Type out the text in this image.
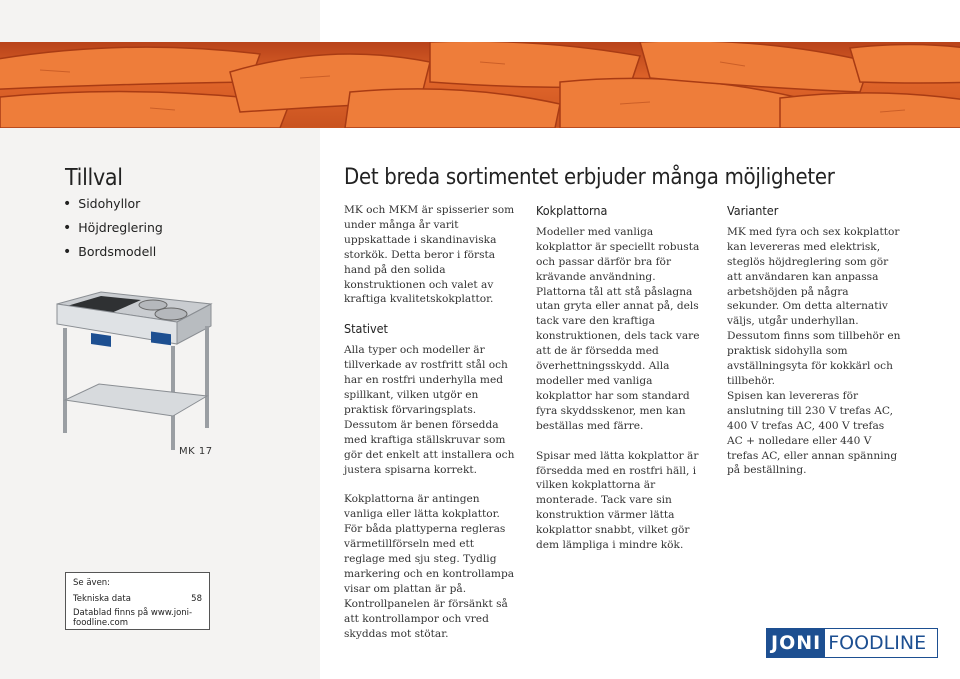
Tillval
• Sidohyllor
• Höjdreglering
• Bordsmodell
MK 17
Se även:
Tekniska data	58
Datablad finns på www.joni-foodline.com
Det breda sortimentet erbjuder många möjligheter

MK och MKM är spisserier som under många år varit uppskattade i skandinaviska storkök. Detta beror i första hand på den solida konstruktionen och valet av kraftiga kvalitetskokplattor.

Stativet

Alla typer och modeller är tillverkade av rostfritt stål och har en rostfri underhylla med spillkant, vilken utgör en praktisk förvaringsplats. Dessutom är benen försedda med kraftiga ställskruvar som gör det enkelt att installera och justera spisarna korrekt.

Kokplattorna är antingen vanliga eller lätta kokplattor. För båda plattyperna regleras värmetillförseln med ett reglage med sju steg. Tydlig markering och en kontrollampa visar om plattan är på. Kontrollpanelen är försänkt så att kontrollampor och vred skyddas mot stötar.

Kokplattorna

Modeller med vanliga kokplattor är speciellt robusta och passar därför bra för krävande användning. Plattorna tål att stå påslagna utan gryta eller annat på, dels tack vare den kraftiga konstruktionen, dels tack vare att de är försedda med överhettningsskydd. Alla modeller med vanliga kokplattor har som standard fyra skyddsskenor, men kan beställas med färre.

Spisar med lätta kokplattor är försedda med en rostfri häll, i vilken kokplattorna är monterade. Tack vare sin konstruktion värmer lätta kokplattor snabbt, vilket gör dem lämpliga i mindre kök.

Varianter

MK med fyra och sex kokplattor kan levereras med elektrisk, steglös höjdreglering som gör att användaren kan anpassa arbetshöjden på några sekunder. Om detta alternativ väljs, utgår underhyllan.

Dessutom finns som tillbehör en praktisk sidohylla som avställningsyta för kokkärl och tillbehör.

Spisen kan levereras för anslutning till 230 V trefas AC, 400 V trefas AC, 400 V trefas AC + nolledare eller 440 V trefas AC, eller annan spänning på beställning.

JONI FOODLINE
